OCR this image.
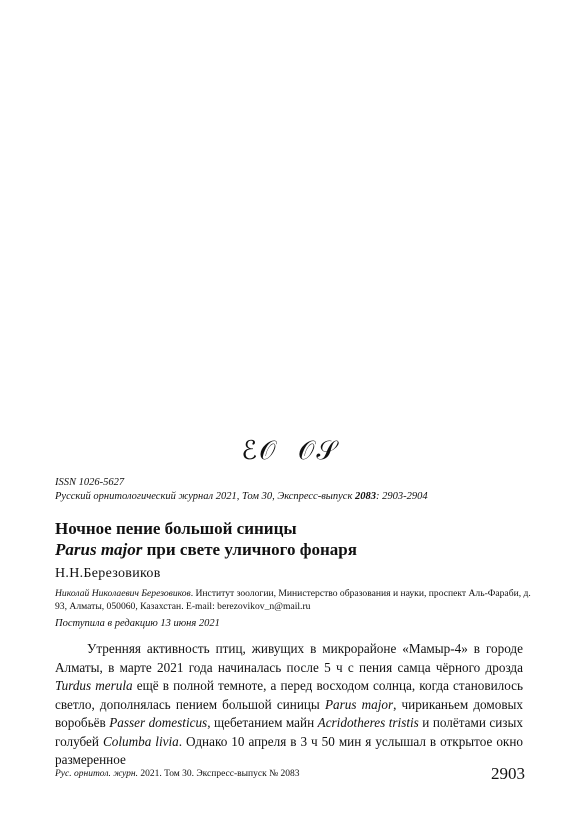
ℰ𝒪 𝒪𝒮
ISSN 1026-5627
Русский орнитологический журнал 2021, Том 30, Экспресс-выпуск 2083: 2903-2904
Ночное пение большой синицы
Parus major при свете уличного фонаря
Н.Н.Березовиков
Николай Николаевич Березовиков. Институт зоологии, Министерство образования и науки, проспект Аль-Фараби, д. 93, Алматы, 050060, Казахстан. E-mail: berezovikov_n@mail.ru
Поступила в редакцию 13 июня 2021

Утренняя активность птиц, живущих в микрорайоне «Мамыр-4» в городе Алматы, в марте 2021 года начиналась после 5 ч с пения самца чёрного дрозда Turdus merula ещё в полной темноте, а перед восходом солнца, когда становилось светло, дополнялась пением большой синицы Parus major, чириканьем домовых воробьёв Passer domesticus, щебетанием майн Acridotheres tristis и полётами сизых голубей Columba livia. Однако 10 апреля в 3 ч 50 мин я услышал в открытое окно размеренное

Рус. орнитол. журн. 2021. Том 30. Экспресс-выпуск № 2083	2903
